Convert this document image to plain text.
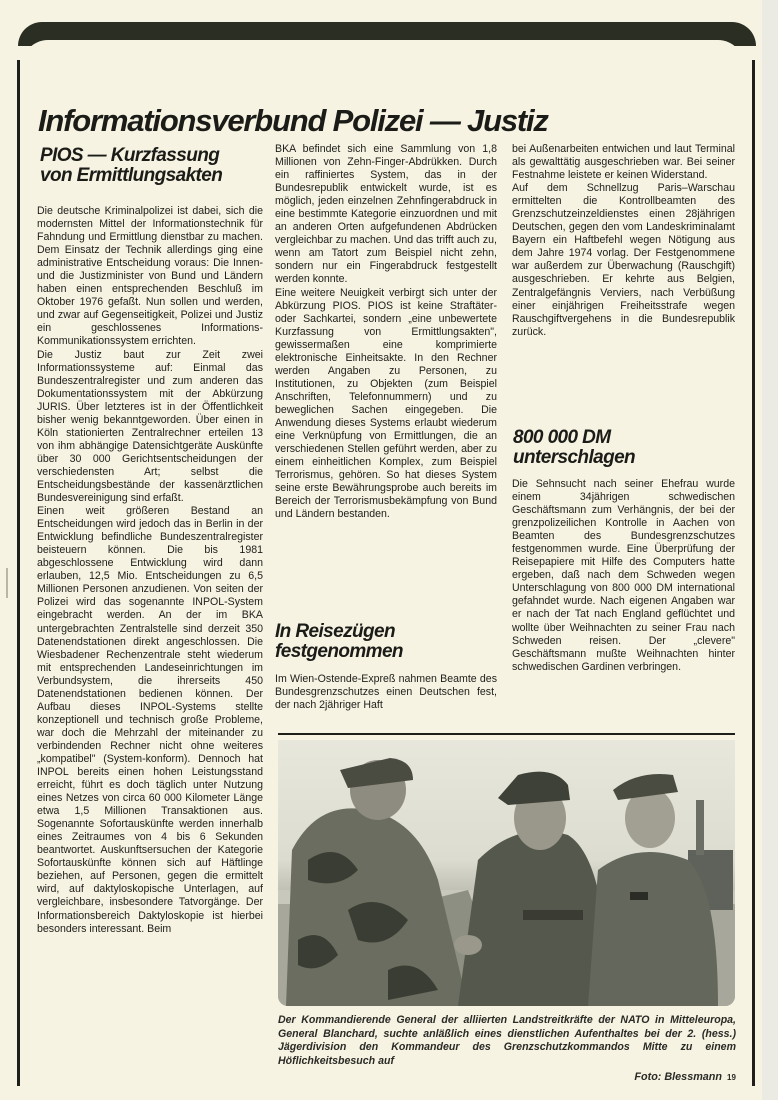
Informationsverbund Polizei — Justiz
PIOS — Kurzfassung
von Ermittlungsakten

Die deutsche Kriminalpolizei ist dabei, sich die modernsten Mittel der Informationstechnik für Fahndung und Ermittlung dienstbar zu machen. Dem Einsatz der Technik allerdings ging eine administrative Entscheidung voraus: Die Innen- und die Justizminister von Bund und Ländern haben einen entsprechenden Beschluß im Oktober 1976 gefaßt. Nun sollen und werden, und zwar auf Gegenseitigkeit, Polizei und Justiz ein geschlossenes Informations-Kommunikationssystem errichten.

Die Justiz baut zur Zeit zwei Informationssysteme auf: Einmal das Bundeszentralregister und zum anderen das Dokumentationssystem mit der Abkürzung JURIS. Über letzteres ist in der Öffentlichkeit bisher wenig bekanntgeworden. Über einen in Köln stationierten Zentralrechner erteilen 13 von ihm abhängige Datensichtgeräte Auskünfte über 30 000 Gerichtsentscheidungen der verschiedensten Art; selbst die Entscheidungsbestände der kassenärztlichen Bundesvereinigung sind erfaßt.

Einen weit größeren Bestand an Entscheidungen wird jedoch das in Berlin in der Entwicklung befindliche Bundeszentralregister beisteuern können. Die bis 1981 abgeschlossene Entwicklung wird dann erlauben, 12,5 Mio. Entscheidungen zu 6,5 Millionen Personen anzudienen. Von seiten der Polizei wird das sogenannte INPOL-System eingebracht werden. An der im BKA untergebrachten Zentralstelle sind derzeit 350 Datenendstationen direkt angeschlossen. Die Wiesbadener Rechenzentrale steht wiederum mit entsprechenden Landeseinrichtungen im Verbundsystem, die ihrerseits 450 Datenendstationen bedienen können. Der Aufbau dieses INPOL-Systems stellte konzeptionell und technisch große Probleme, war doch die Mehrzahl der miteinander zu verbindenden Rechner nicht ohne weiteres „kompatibel" (System-konform). Dennoch hat INPOL bereits einen hohen Leistungsstand erreicht, führt es doch täglich unter Nutzung eines Netzes von circa 60 000 Kilometer Länge etwa 1,5 Millionen Transaktionen aus. Sogenannte Sofortauskünfte werden innerhalb eines Zeitraumes von 4 bis 6 Sekunden beantwortet. Auskunftsersuchen der Kategorie Sofortauskünfte können sich auf Häftlinge beziehen, auf Personen, gegen die ermittelt wird, auf daktyloskopische Unterlagen, auf vergleichbare, insbesondere Tatvorgänge. Der Informationsbereich Daktyloskopie ist hierbei besonders interessant. Beim

BKA befindet sich eine Sammlung von 1,8 Millionen von Zehn-Finger-Abdrükken. Durch ein raffiniertes System, das in der Bundesrepublik entwickelt wurde, ist es möglich, jeden einzelnen Zehnfingerabdruck in eine bestimmte Kategorie einzuordnen und mit an anderen Orten aufgefundenen Abdrücken vergleichbar zu machen. Und das trifft auch zu, wenn am Tatort zum Beispiel nicht zehn, sondern nur ein Fingerabdruck festgestellt werden konnte.

Eine weitere Neuigkeit verbirgt sich unter der Abkürzung PIOS. PIOS ist keine Straftäter- oder Sachkartei, sondern „eine unbewertete Kurzfassung von Ermittlungsakten", gewissermaßen eine komprimierte elektronische Einheitsakte. In den Rechner werden Angaben zu Personen, zu Institutionen, zu Objekten (zum Beispiel Anschriften, Telefonnummern) und zu beweglichen Sachen eingegeben. Die Anwendung dieses Systems erlaubt wiederum eine Verknüpfung von Ermittlungen, die an verschiedenen Stellen geführt werden, aber zu einem einheitlichen Komplex, zum Beispiel Terrorismus, gehören. So hat dieses System seine erste Bewährungsprobe auch bereits im Bereich der Terrorismusbekämpfung von Bund und Ländern bestanden.

In Reisezügen
festgenommen

Im Wien-Ostende-Expreß nahmen Beamte des Bundesgrenzschutzes einen Deutschen fest, der nach 2jähriger Haft

bei Außenarbeiten entwichen und laut Terminal als gewalttätig ausgeschrieben war. Bei seiner Festnahme leistete er keinen Widerstand.

Auf dem Schnellzug Paris–Warschau ermittelten die Kontrollbeamten des Grenzschutzeinzeldienstes einen 28jährigen Deutschen, gegen den vom Landeskriminalamt Bayern ein Haftbefehl wegen Nötigung aus dem Jahre 1974 vorlag. Der Festgenommene war außerdem zur Überwachung (Rauschgift) ausgeschrieben. Er kehrte aus Belgien, Zentralgefängnis Verviers, nach Verbüßung einer einjährigen Freiheitsstrafe wegen Rauschgiftvergehens in die Bundesrepublik zurück.

800 000 DM
unterschlagen

Die Sehnsucht nach seiner Ehefrau wurde einem 34jährigen schwedischen Geschäftsmann zum Verhängnis, der bei der grenzpolizeilichen Kontrolle in Aachen von Beamten des Bundesgrenzschutzes festgenommen wurde. Eine Überprüfung der Reisepapiere mit Hilfe des Computers hatte ergeben, daß nach dem Schweden wegen Unterschlagung von 800 000 DM international gefahndet wurde. Nach eigenen Angaben war er nach der Tat nach England geflüchtet und wollte über Weihnachten zu seiner Frau nach Schweden reisen. Der „clevere" Geschäftsmann mußte Weihnachten hinter schwedischen Gardinen verbringen.

Der Kommandierende General der alliierten Landstreitkräfte der NATO in Mitteleuropa, General Blanchard, suchte anläßlich eines dienstlichen Aufenthaltes bei der 2. (hess.) Jägerdivision den Kommandeur des Grenzschutzkommandos Mitte zu einem Höflichkeitsbesuch auf
Foto: Blessmann 19
